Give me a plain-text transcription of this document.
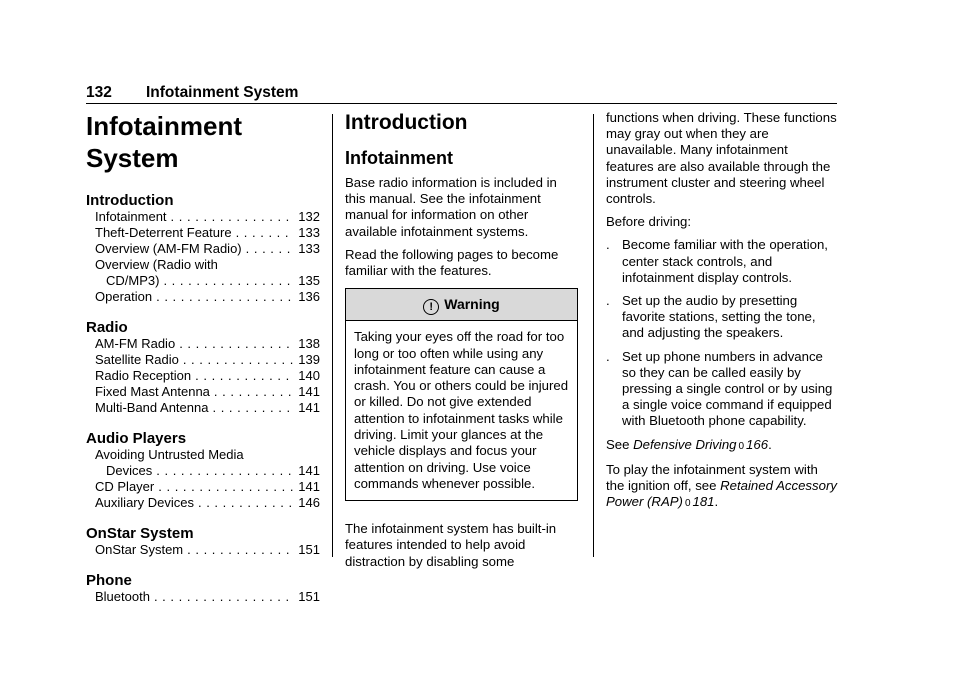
132 Infotainment System
Infotainment
System
Introduction
Infotainment . . .	132
Theft-Deterrent Feature . . .	133
Overview (AM-FM Radio) . . .	133
Overview (Radio with
CD/MP3) . . .	135
Operation . . .	136
Radio
AM-FM Radio . . .	138
Satellite Radio . . .	139
Radio Reception . . .	140
Fixed Mast Antenna . . .	141
Multi-Band Antenna . . .	141
Audio Players
Avoiding Untrusted Media
Devices . . .	141
CD Player . . .	141
Auxiliary Devices . . .	146
OnStar System
OnStar System . . .	151
Phone
Bluetooth . . .	151
Introduction
Infotainment

Base radio information is included in this manual. See the infotainment manual for information on other available infotainment systems.

Read the following pages to become familiar with the features.

! Warning
Taking your eyes off the road for too long or too often while using any infotainment feature can cause a crash. You or others could be injured or killed. Do not give extended attention to infotainment tasks while driving. Limit your glances at the vehicle displays and focus your attention on driving. Use voice commands whenever possible.

The infotainment system has built-in features intended to help avoid distraction by disabling some

functions when driving. These functions may gray out when they are unavailable. Many infotainment features are also available through the instrument cluster and steering wheel controls.

Before driving:

. Become familiar with the operation, center stack controls, and infotainment display controls.
. Set up the audio by presetting favorite stations, setting the tone, and adjusting the speakers.
. Set up phone numbers in advance so they can be called easily by pressing a single control or by using a single voice command if equipped with Bluetooth phone capability.

See Defensive Driving 0 166.

To play the infotainment system with the ignition off, see Retained Accessory Power (RAP) 0 181.
